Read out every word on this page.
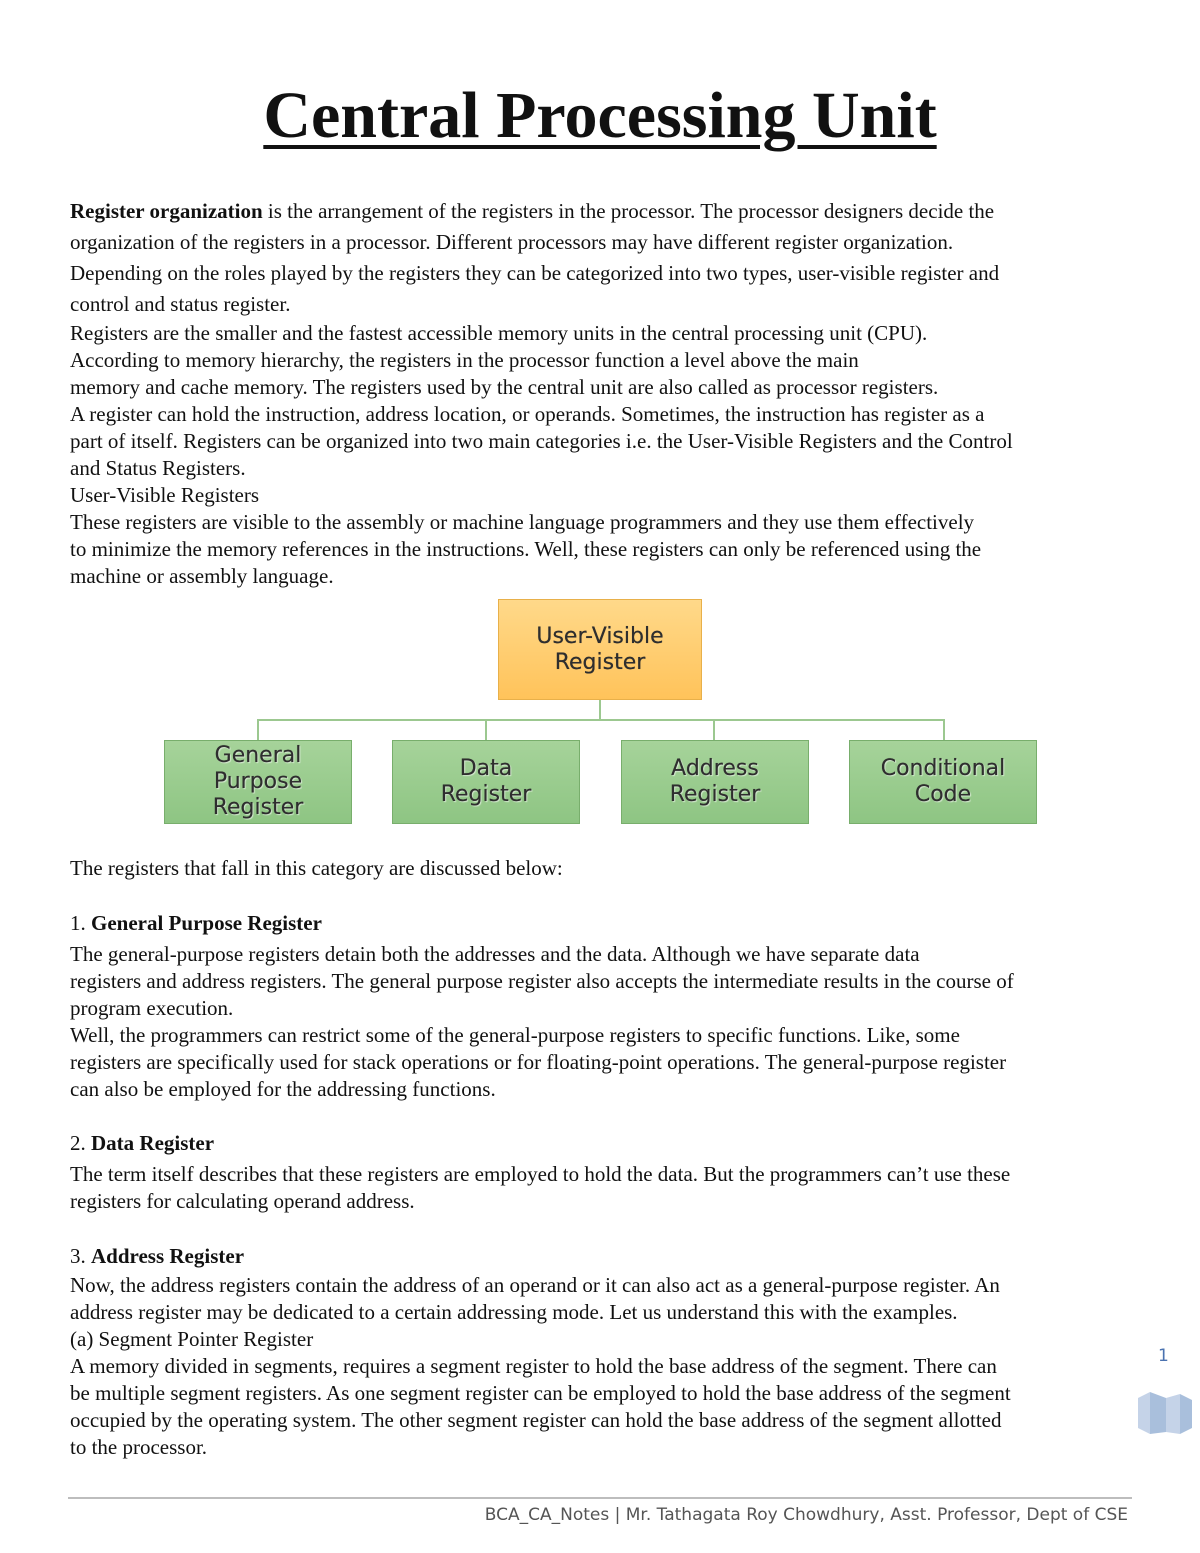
Central Processing Unit

Register organization is the arrangement of the registers in the processor. The processor designers decide the
organization of the registers in a processor. Different processors may have different register organization.
Depending on the roles played by the registers they can be categorized into two types, user-visible register and
control and status register.

Registers are the smaller and the fastest accessible memory units in the central processing unit (CPU).
According to memory hierarchy, the registers in the processor function a level above the main
memory and cache memory. The registers used by the central unit are also called as processor registers.
A register can hold the instruction, address location, or operands. Sometimes, the instruction has register as a
part of itself. Registers can be organized into two main categories i.e. the User-Visible Registers and the Control
and Status Registers.
User-Visible Registers
These registers are visible to the assembly or machine language programmers and they use them effectively
to minimize the memory references in the instructions. Well, these registers can only be referenced using the
machine or assembly language.

User-Visible
Register
General
Purpose
Register
Data
Register
Address
Register
Conditional
Code

The registers that fall in this category are discussed below:

1. General Purpose Register
The general-purpose registers detain both the addresses and the data. Although we have separate data
registers and address registers. The general purpose register also accepts the intermediate results in the course of
program execution.
Well, the programmers can restrict some of the general-purpose registers to specific functions. Like, some
registers are specifically used for stack operations or for floating-point operations. The general-purpose register
can also be employed for the addressing functions.

2. Data Register
The term itself describes that these registers are employed to hold the data. But the programmers can’t use these
registers for calculating operand address.

3. Address Register
Now, the address registers contain the address of an operand or it can also act as a general-purpose register. An
address register may be dedicated to a certain addressing mode. Let us understand this with the examples.
(a) Segment Pointer Register
A memory divided in segments, requires a segment register to hold the base address of the segment. There can
be multiple segment registers. As one segment register can be employed to hold the base address of the segment
occupied by the operating system. The other segment register can hold the base address of the segment allotted
to the processor.

1
BCA_CA_Notes | Mr. Tathagata Roy Chowdhury, Asst. Professor, Dept of CSE
